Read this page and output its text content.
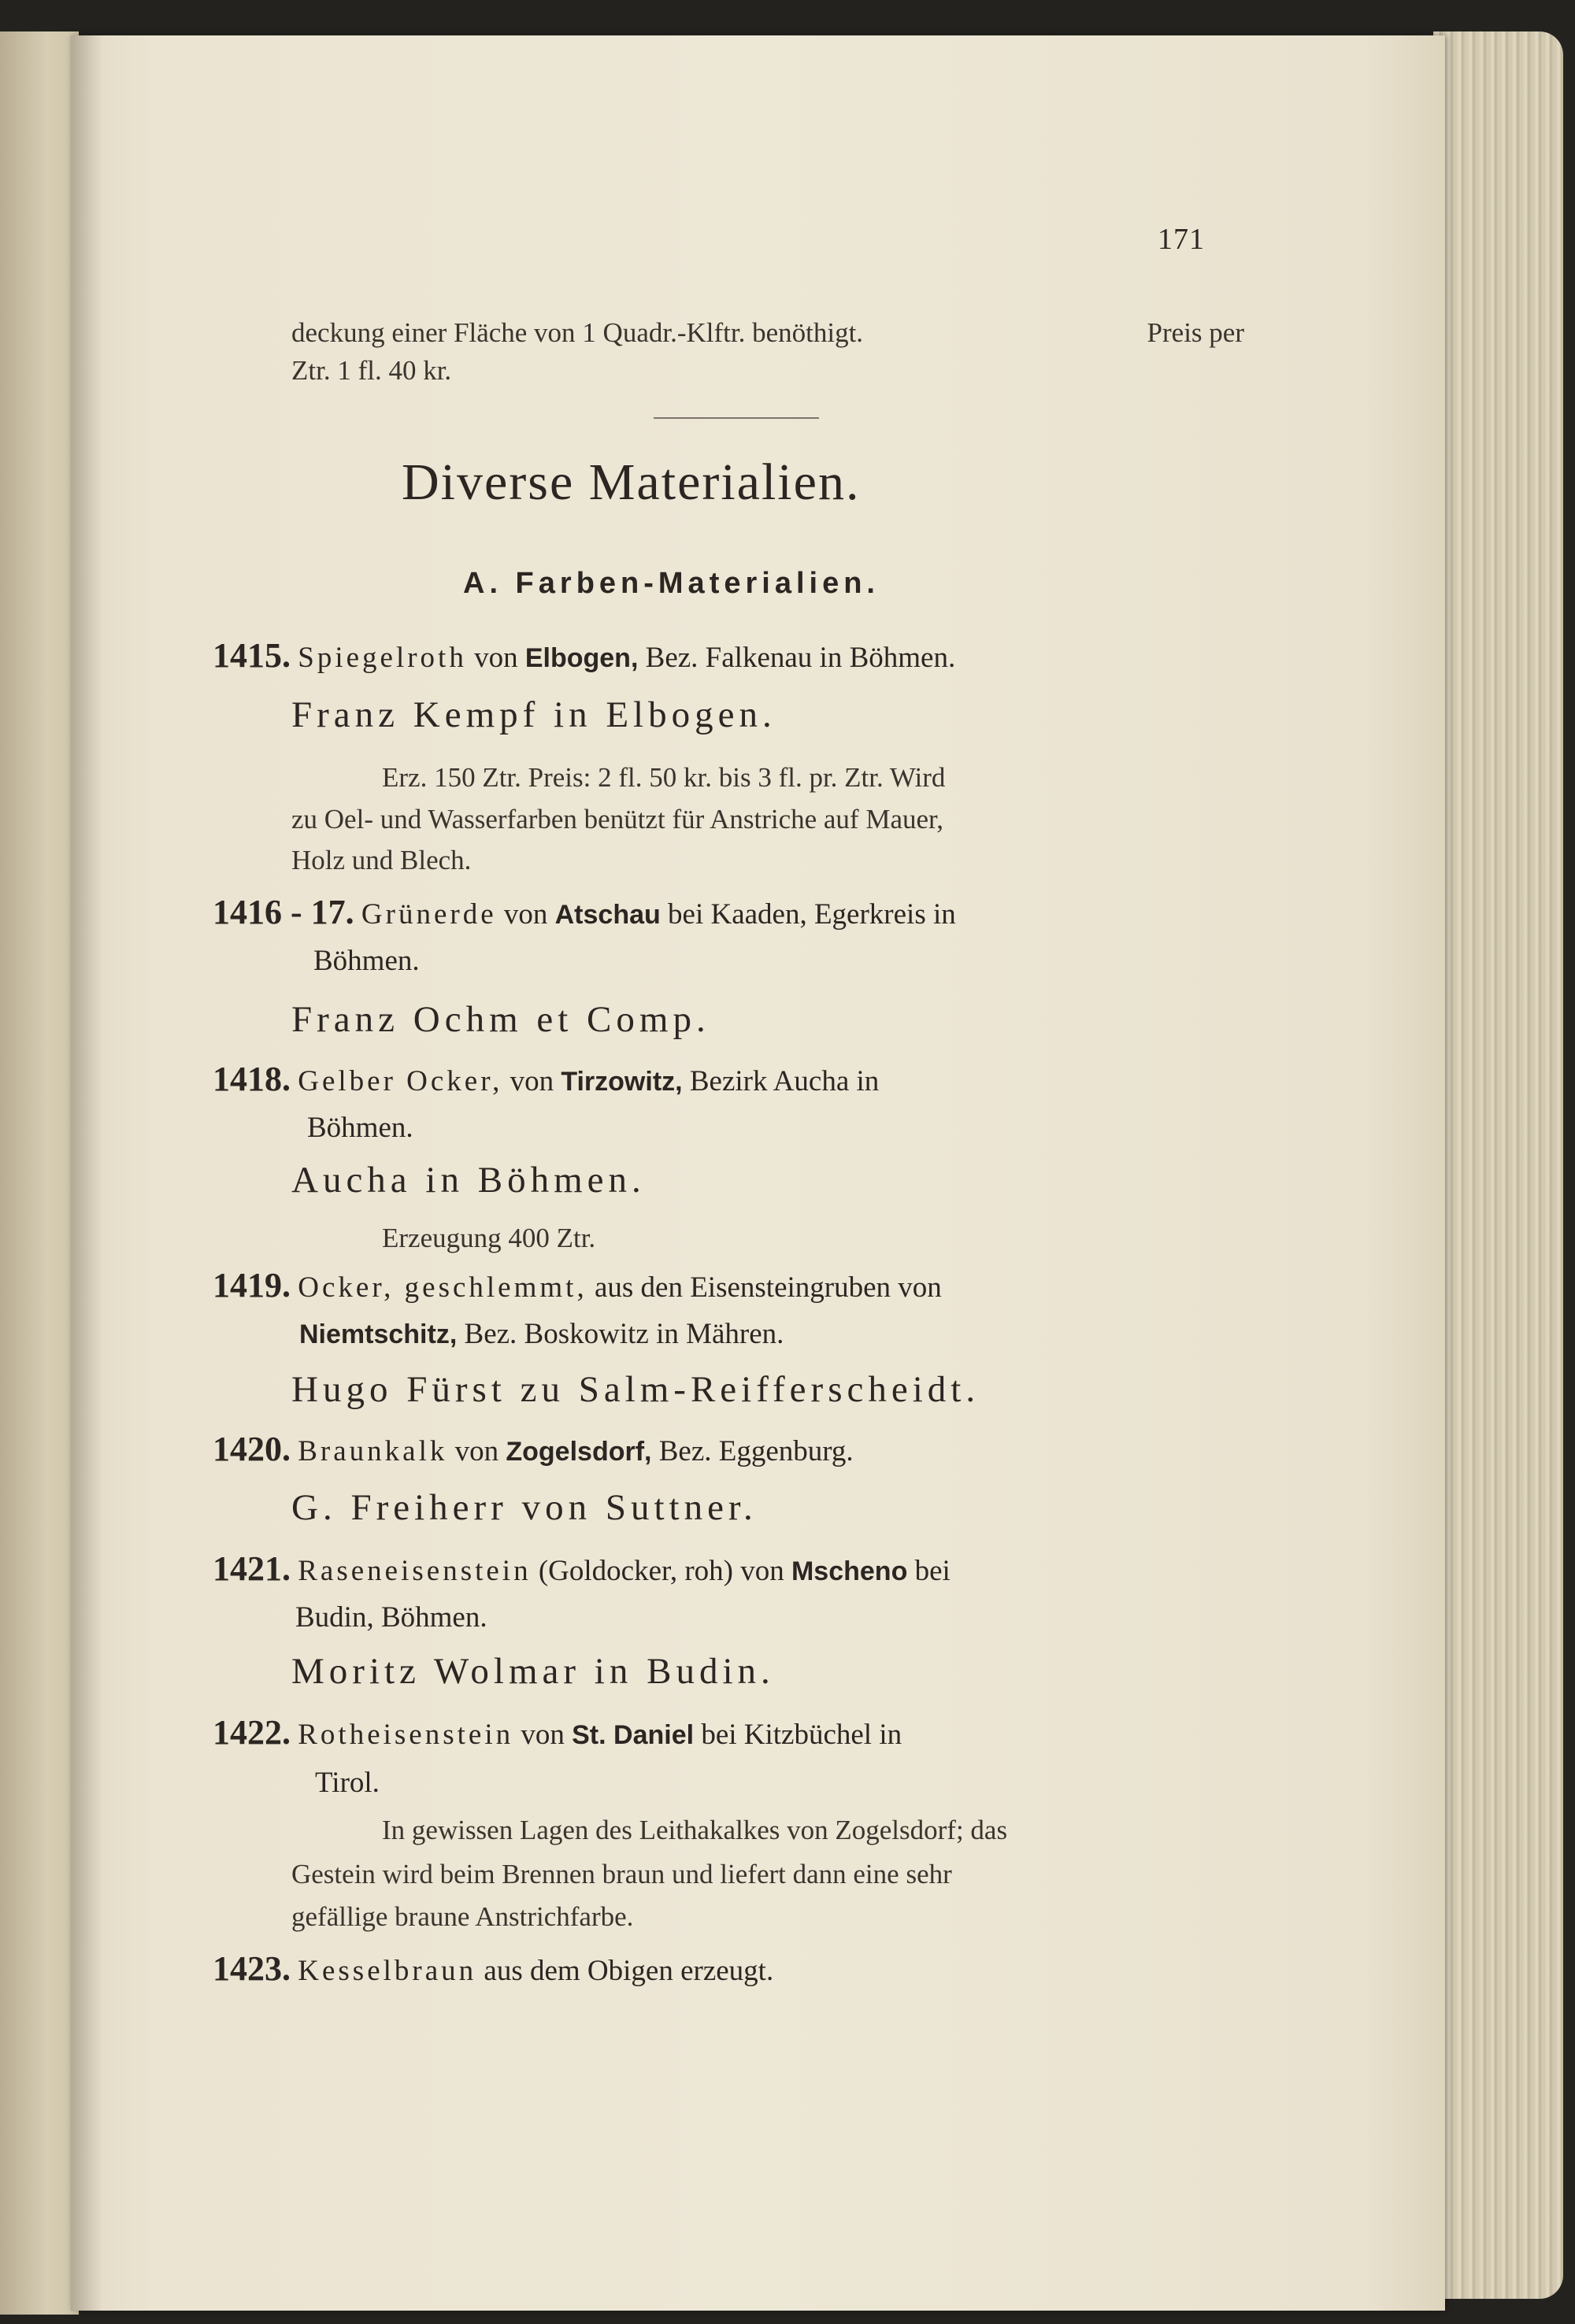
171
deckung einer Fläche von 1 Quadr.-Klftr. benöthigt.	Preis per
Ztr. 1 fl. 40 kr.
1415. Spiegelroth von Elbogen, Bez. Falkenau in Böhmen.
Franz Kempf in Elbogen.
Erz. 150 Ztr. Preis: 2 fl. 50 kr. bis 3 fl. pr. Ztr. Wird
zu Oel- und Wasserfarben benützt für Anstriche auf Mauer,
Holz und Blech.
1416 - 17. Grünerde von Atschau bei Kaaden, Egerkreis in
Böhmen.
Franz Ochm et Comp.
1418. Gelber Ocker, von Tirzowitz, Bezirk Aucha in
Böhmen.
Aucha in Böhmen.
Erzeugung 400 Ztr.
1419. Ocker, geschlemmt, aus den Eisensteingruben von
Niemtschitz, Bez. Boskowitz in Mähren.
Hugo Fürst zu Salm-Reifferscheidt.
1420. Braunkalk von Zogelsdorf, Bez. Eggenburg.
G. Freiherr von Suttner.
1421. Raseneisenstein (Goldocker, roh) von Mscheno bei
Budin, Böhmen.
Moritz Wolmar in Budin.
1422. Rotheisenstein von St. Daniel bei Kitzbüchel in
Tirol.
In gewissen Lagen des Leithakalkes von Zogelsdorf; das
Gestein wird beim Brennen braun und liefert dann eine sehr
gefällige braune Anstrichfarbe.
1423. Kesselbraun aus dem Obigen erzeugt.
Diverse Materialien.
A. Farben-Materialien.
